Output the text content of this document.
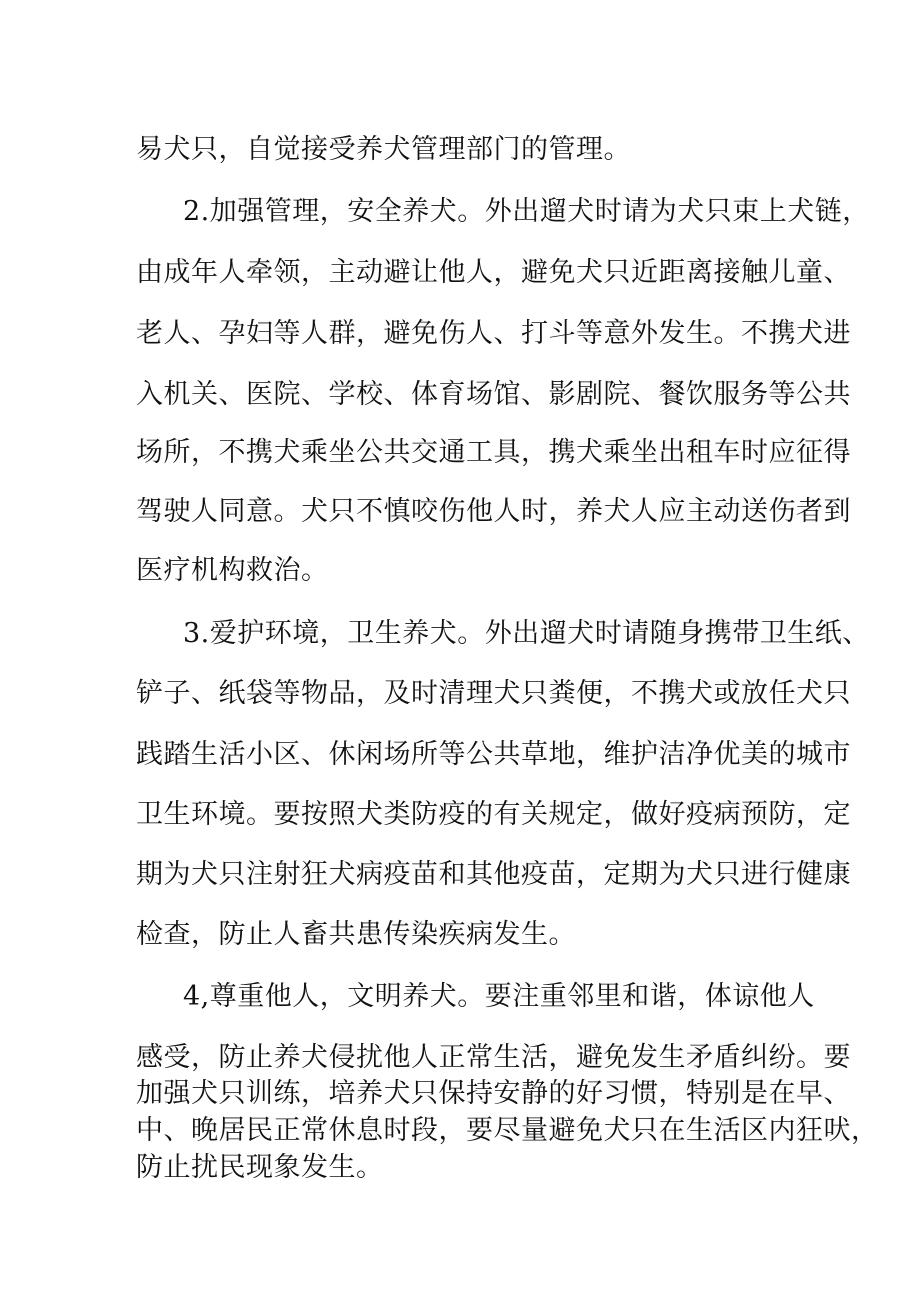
易犬只，自觉接受养犬管理部门的管理。
2.加强管理，安全养犬。外出遛犬时请为犬只束上犬链，
由成年人牵领，主动避让他人，避免犬只近距离接触儿童、
老人、孕妇等人群，避免伤人、打斗等意外发生。不携犬进
入机关、医院、学校、体育场馆、影剧院、餐饮服务等公共
场所，不携犬乘坐公共交通工具，携犬乘坐出租车时应征得
驾驶人同意。犬只不慎咬伤他人时，养犬人应主动送伤者到
医疗机构救治。
3.爱护环境，卫生养犬。外出遛犬时请随身携带卫生纸、
铲子、纸袋等物品，及时清理犬只粪便，不携犬或放任犬只
践踏生活小区、休闲场所等公共草地，维护洁净优美的城市
卫生环境。要按照犬类防疫的有关规定，做好疫病预防，定
期为犬只注射狂犬病疫苗和其他疫苗，定期为犬只进行健康
检查，防止人畜共患传染疾病发生。
4,尊重他人，文明养犬。要注重邻里和谐，体谅他人
感受，防止养犬侵扰他人正常生活，避免发生矛盾纠纷。要
加强犬只训练，培养犬只保持安静的好习惯，特别是在早、
中、晚居民正常休息时段，要尽量避免犬只在生活区内狂吠，
防止扰民现象发生。
